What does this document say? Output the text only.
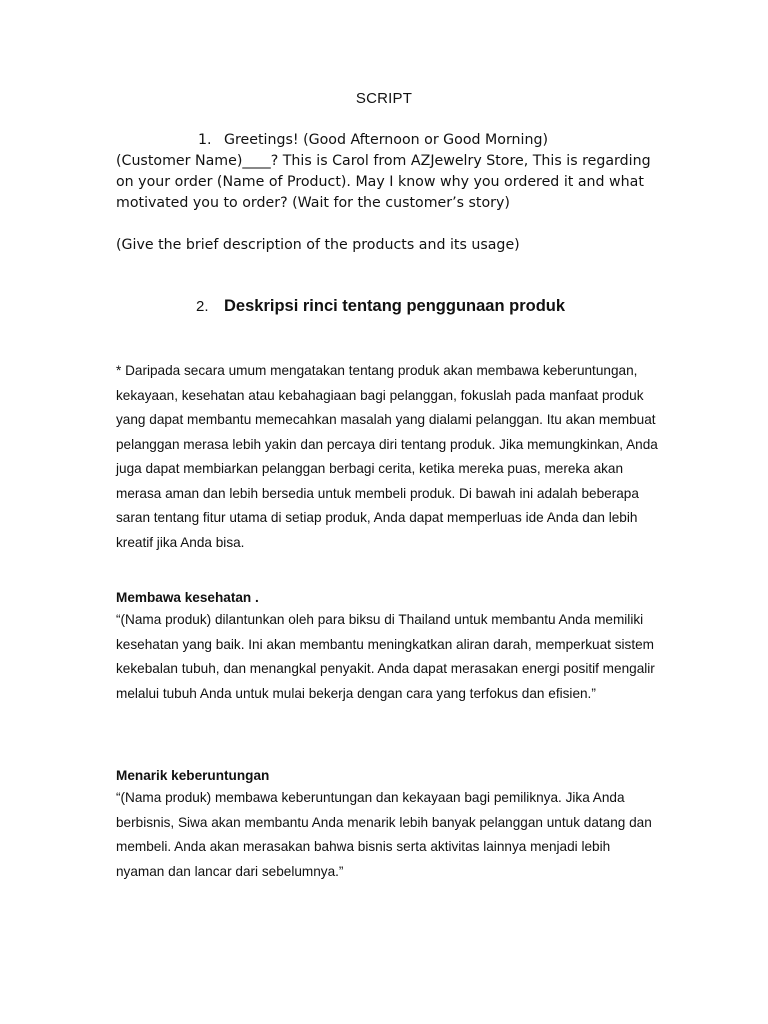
SCRIPT
1. Greetings! (Good Afternoon or Good Morning)
(Customer Name)____? This is Carol from AZJewelry Store, This is regarding on your order (Name of Product). May I know why you ordered it and what motivated you to order? (Wait for the customer’s story)
(Give the brief description of the products and its usage)
2. Deskripsi rinci tentang penggunaan produk

* Daripada secara umum mengatakan tentang produk akan membawa keberuntungan, kekayaan, kesehatan atau kebahagiaan bagi pelanggan, fokuslah pada manfaat produk yang dapat membantu memecahkan masalah yang dialami pelanggan. Itu akan membuat pelanggan merasa lebih yakin dan percaya diri tentang produk. Jika memungkinkan, Anda juga dapat membiarkan pelanggan berbagi cerita, ketika mereka puas, mereka akan merasa aman dan lebih bersedia untuk membeli produk. Di bawah ini adalah beberapa saran tentang fitur utama di setiap produk, Anda dapat memperluas ide Anda dan lebih kreatif jika Anda bisa.

Membawa kesehatan .

“(Nama produk) dilantunkan oleh para biksu di Thailand untuk membantu Anda memiliki kesehatan yang baik. Ini akan membantu meningkatkan aliran darah, memperkuat sistem kekebalan tubuh, dan menangkal penyakit. Anda dapat merasakan energi positif mengalir melalui tubuh Anda untuk mulai bekerja dengan cara yang terfokus dan efisien.”

Menarik keberuntungan

“(Nama produk) membawa keberuntungan dan kekayaan bagi pemiliknya. Jika Anda berbisnis, Siwa akan membantu Anda menarik lebih banyak pelanggan untuk datang dan membeli. Anda akan merasakan bahwa bisnis serta aktivitas lainnya menjadi lebih nyaman dan lancar dari sebelumnya.”
